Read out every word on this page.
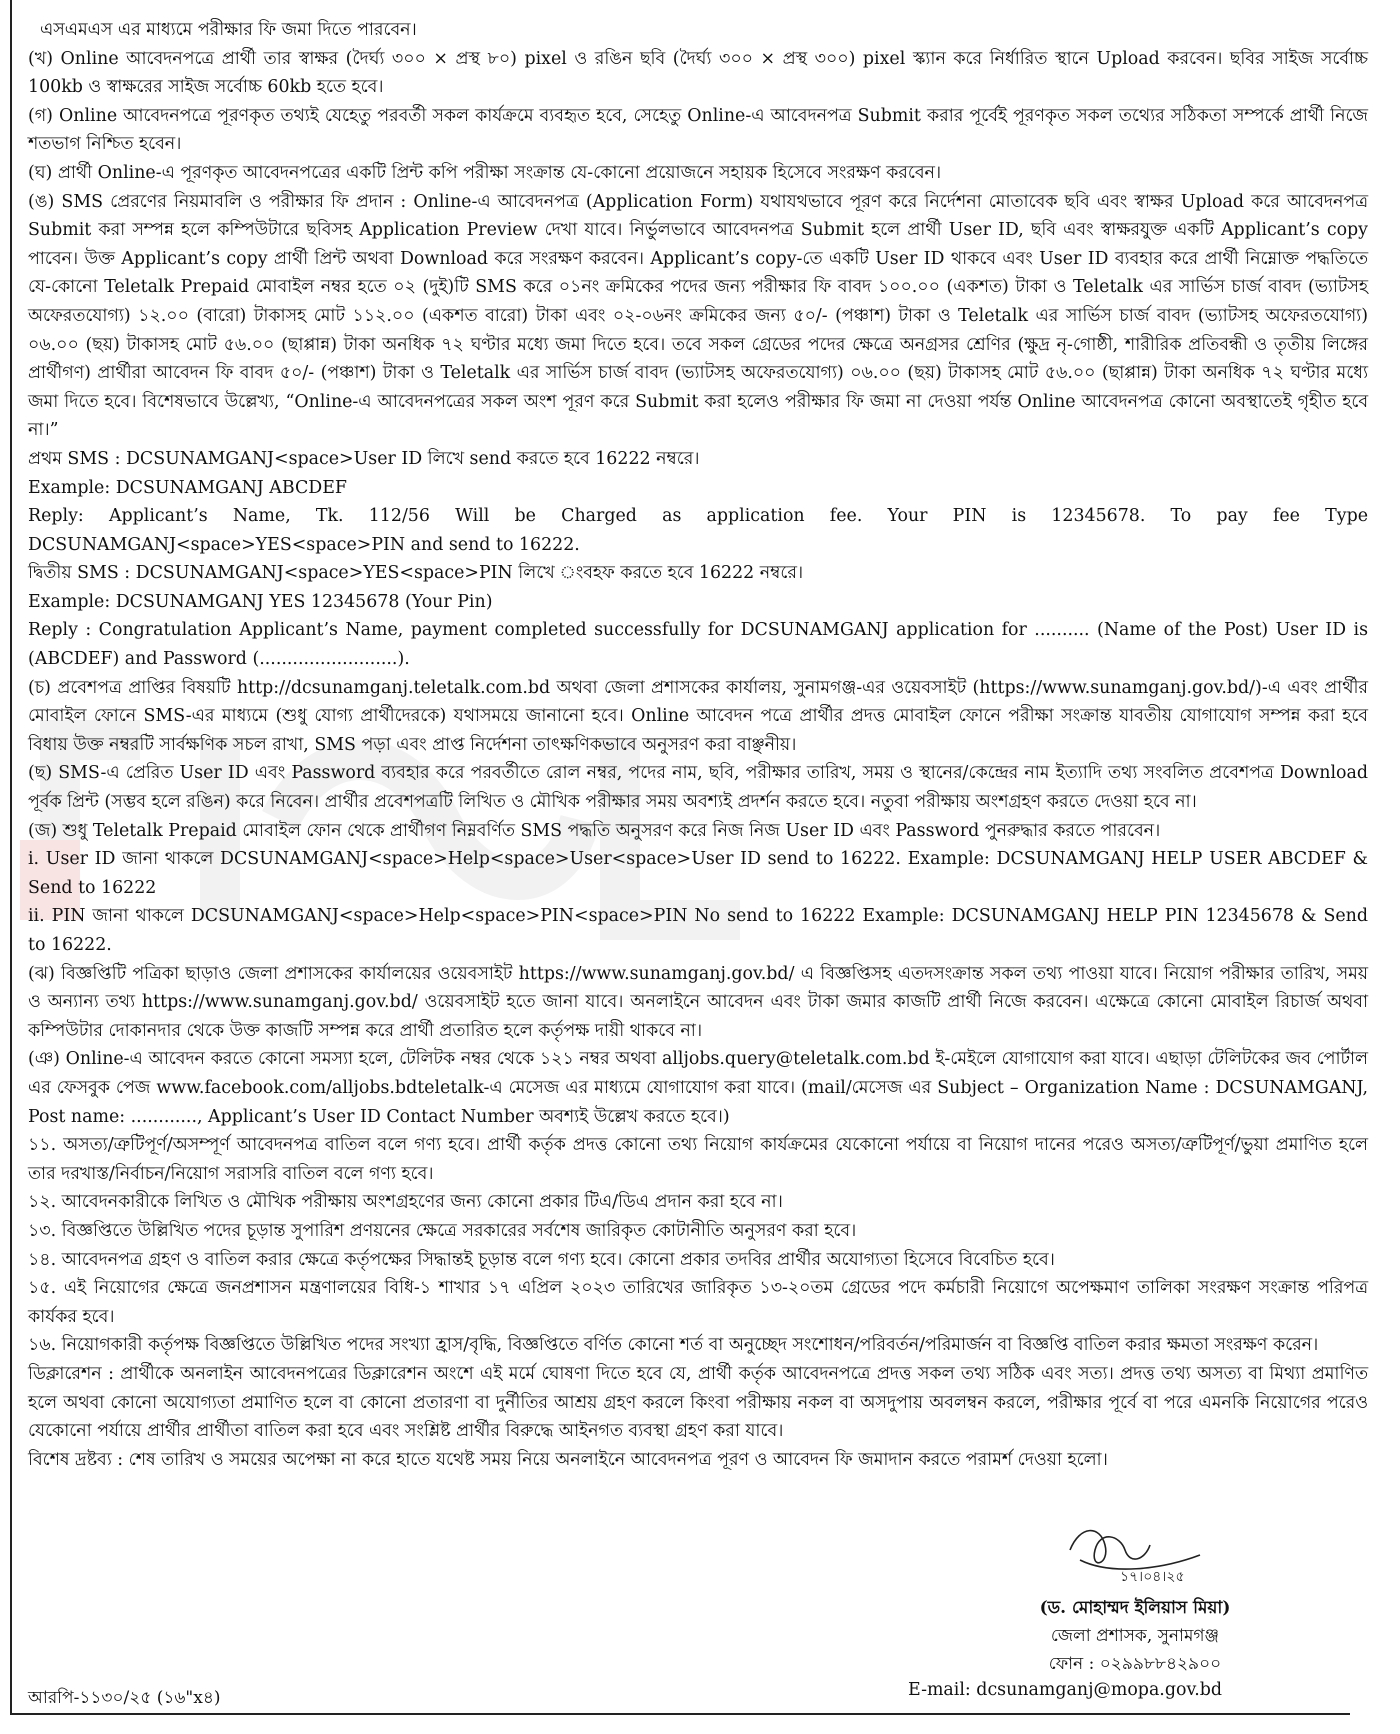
এসএমএস এর মাধ্যমে পরীক্ষার ফি জমা দিতে পারবেন।

(খ) Online আবেদনপত্রে প্রার্থী তার স্বাক্ষর (দৈর্ঘ্য ৩০০ × প্রস্থ ৮০) pixel ও রঙিন ছবি (দৈর্ঘ্য ৩০০ × প্রস্থ ৩০০) pixel স্ক্যান করে নির্ধারিত স্থানে Upload করবেন। ছবির সাইজ সর্বোচ্চ 100kb ও স্বাক্ষরের সাইজ সর্বোচ্চ 60kb হতে হবে।

(গ) Online আবেদনপত্রে পূরণকৃত তথ্যই যেহেতু পরবর্তী সকল কার্যক্রমে ব্যবহৃত হবে, সেহেতু Online-এ আবেদনপত্র Submit করার পূর্বেই পূরণকৃত সকল তথ্যের সঠিকতা সম্পর্কে প্রার্থী নিজে শতভাগ নিশ্চিত হবেন।

(ঘ) প্রার্থী Online-এ পূরণকৃত আবেদনপত্রের একটি প্রিন্ট কপি পরীক্ষা সংক্রান্ত যে-কোনো প্রয়োজনে সহায়ক হিসেবে সংরক্ষণ করবেন।

(ঙ) SMS প্রেরণের নিয়মাবলি ও পরীক্ষার ফি প্রদান : Online-এ আবেদনপত্র (Application Form) যথাযথভাবে পূরণ করে নির্দেশনা মোতাবেক ছবি এবং স্বাক্ষর Upload করে আবেদনপত্র Submit করা সম্পন্ন হলে কম্পিউটারে ছবিসহ Application Preview দেখা যাবে। নির্ভুলভাবে আবেদনপত্র Submit হলে প্রার্থী User ID, ছবি এবং স্বাক্ষরযুক্ত একটি Applicant’s copy পাবেন। উক্ত Applicant’s copy প্রার্থী প্রিন্ট অথবা Download করে সংরক্ষণ করবেন। Applicant’s copy-তে একটি User ID থাকবে এবং User ID ব্যবহার করে প্রার্থী নিম্নোক্ত পদ্ধতিতে যে-কোনো Teletalk Prepaid মোবাইল নম্বর হতে ০২ (দুই)টি SMS করে ০১নং ক্রমিকের পদের জন্য পরীক্ষার ফি বাবদ ১০০.০০ (একশত) টাকা ও Teletalk এর সার্ভিস চার্জ বাবদ (ভ্যাটসহ অফেরতযোগ্য) ১২.০০ (বারো) টাকাসহ মোট ১১২.০০ (একশত বারো) টাকা এবং ০২-০৬নং ক্রমিকের জন্য ৫০/- (পঞ্চাশ) টাকা ও Teletalk এর সার্ভিস চার্জ বাবদ (ভ্যাটসহ অফেরতযোগ্য) ০৬.০০ (ছয়) টাকাসহ মোট ৫৬.০০ (ছাপ্পান্ন) টাকা অনধিক ৭২ ঘণ্টার মধ্যে জমা দিতে হবে। তবে সকল গ্রেডের পদের ক্ষেত্রে অনগ্রসর শ্রেণির (ক্ষুদ্র নৃ-গোষ্ঠী, শারীরিক প্রতিবন্ধী ও তৃতীয় লিঙ্গের প্রার্থীগণ) প্রার্থীরা আবেদন ফি বাবদ ৫০/- (পঞ্চাশ) টাকা ও Teletalk এর সার্ভিস চার্জ বাবদ (ভ্যাটসহ অফেরতযোগ্য) ০৬.০০ (ছয়) টাকাসহ মোট ৫৬.০০ (ছাপ্পান্ন) টাকা অনধিক ৭২ ঘণ্টার মধ্যে জমা দিতে হবে। বিশেষভাবে উল্লেখ্য, “Online-এ আবেদনপত্রের সকল অংশ পূরণ করে Submit করা হলেও পরীক্ষার ফি জমা না দেওয়া পর্যন্ত Online আবেদনপত্র কোনো অবস্থাতেই গৃহীত হবে না।”

প্রথম SMS : DCSUNAMGANJ<space>User ID লিখে send করতে হবে 16222 নম্বরে।

Example: DCSUNAMGANJ ABCDEF

Reply: Applicant’s Name, Tk. 112/56 Will be Charged as application fee. Your PIN is 12345678. To pay fee Type DCSUNAMGANJ<space>YES<space>PIN and send to 16222.

দ্বিতীয় SMS : DCSUNAMGANJ<space>YES<space>PIN লিখে ংবহফ করতে হবে 16222 নম্বরে।

Example: DCSUNAMGANJ YES 12345678 (Your Pin)

Reply : Congratulation Applicant’s Name, payment completed successfully for DCSUNAMGANJ application for .......... (Name of the Post) User ID is (ABCDEF) and Password (.........................).

(চ) প্রবেশপত্র প্রাপ্তির বিষয়টি http://dcsunamganj.teletalk.com.bd অথবা জেলা প্রশাসকের কার্যালয়, সুনামগঞ্জ-এর ওয়েবসাইট (https://www.sunamganj.gov.bd/)-এ এবং প্রার্থীর মোবাইল ফোনে SMS-এর মাধ্যমে (শুধু যোগ্য প্রার্থীদেরকে) যথাসময়ে জানানো হবে। Online আবেদন পত্রে প্রার্থীর প্রদত্ত মোবাইল ফোনে পরীক্ষা সংক্রান্ত যাবতীয় যোগাযোগ সম্পন্ন করা হবে বিধায় উক্ত নম্বরটি সার্বক্ষণিক সচল রাখা, SMS পড়া এবং প্রাপ্ত নির্দেশনা তাৎক্ষণিকভাবে অনুসরণ করা বাঞ্ছনীয়।

(ছ) SMS-এ প্রেরিত User ID এবং Password ব্যবহার করে পরবর্তীতে রোল নম্বর, পদের নাম, ছবি, পরীক্ষার তারিখ, সময় ও স্থানের/কেন্দ্রের নাম ইত্যাদি তথ্য সংবলিত প্রবেশপত্র Download পূর্বক প্রিন্ট (সম্ভব হলে রঙিন) করে নিবেন। প্রার্থীর প্রবেশপত্রটি লিখিত ও মৌখিক পরীক্ষার সময় অবশ্যই প্রদর্শন করতে হবে। নতুবা পরীক্ষায় অংশগ্রহণ করতে দেওয়া হবে না।

(জ) শুধু Teletalk Prepaid মোবাইল ফোন থেকে প্রার্থীগণ নিম্নবর্ণিত SMS পদ্ধতি অনুসরণ করে নিজ নিজ User ID এবং Password পুনরুদ্ধার করতে পারবেন।

i. User ID জানা থাকলে DCSUNAMGANJ<space>Help<space>User<space>User ID send to 16222. Example: DCSUNAMGANJ HELP USER ABCDEF & Send to 16222

ii. PIN জানা থাকলে DCSUNAMGANJ<space>Help<space>PIN<space>PIN No send to 16222 Example: DCSUNAMGANJ HELP PIN 12345678 & Send to 16222.

(ঝ) বিজ্ঞপ্তিটি পত্রিকা ছাড়াও জেলা প্রশাসকের কার্যালয়ের ওয়েবসাইট https://www.sunamganj.gov.bd/ এ বিজ্ঞপ্তিসহ এতদসংক্রান্ত সকল তথ্য পাওয়া যাবে। নিয়োগ পরীক্ষার তারিখ, সময় ও অন্যান্য তথ্য https://www.sunamganj.gov.bd/ ওয়েবসাইট হতে জানা যাবে। অনলাইনে আবেদন এবং টাকা জমার কাজটি প্রার্থী নিজে করবেন। এক্ষেত্রে কোনো মোবাইল রিচার্জ অথবা কম্পিউটার দোকানদার থেকে উক্ত কাজটি সম্পন্ন করে প্রার্থী প্রতারিত হলে কর্তৃপক্ষ দায়ী থাকবে না।

(ঞ) Online-এ আবেদন করতে কোনো সমস্যা হলে, টেলিটক নম্বর থেকে ১২১ নম্বর অথবা alljobs.query@teletalk.com.bd ই-মেইলে যোগাযোগ করা যাবে। এছাড়া টেলিটকের জব পোর্টাল এর ফেসবুক পেজ www.facebook.com/alljobs.bdteletalk-এ মেসেজ এর মাধ্যমে যোগাযোগ করা যাবে। (mail/মেসেজ এর Subject – Organization Name : DCSUNAMGANJ, Post name: ............, Applicant’s User ID Contact Number অবশ্যই উল্লেখ করতে হবে।)

১১. অসত্য/ত্রুটিপূর্ণ/অসম্পূর্ণ আবেদনপত্র বাতিল বলে গণ্য হবে। প্রার্থী কর্তৃক প্রদত্ত কোনো তথ্য নিয়োগ কার্যক্রমের যেকোনো পর্যায়ে বা নিয়োগ দানের পরেও অসত্য/ত্রুটিপূর্ণ/ভুয়া প্রমাণিত হলে তার দরখাস্ত/নির্বাচন/নিয়োগ সরাসরি বাতিল বলে গণ্য হবে।

১২. আবেদনকারীকে লিখিত ও মৌখিক পরীক্ষায় অংশগ্রহণের জন্য কোনো প্রকার টিএ/ডিএ প্রদান করা হবে না।

১৩. বিজ্ঞপ্তিতে উল্লিখিত পদের চূড়ান্ত সুপারিশ প্রণয়নের ক্ষেত্রে সরকারের সর্বশেষ জারিকৃত কোটানীতি অনুসরণ করা হবে।

১৪. আবেদনপত্র গ্রহণ ও বাতিল করার ক্ষেত্রে কর্তৃপক্ষের সিদ্ধান্তই চূড়ান্ত বলে গণ্য হবে। কোনো প্রকার তদবির প্রার্থীর অযোগ্যতা হিসেবে বিবেচিত হবে।

১৫. এই নিয়োগের ক্ষেত্রে জনপ্রশাসন মন্ত্রণালয়ের বিধি-১ শাখার ১৭ এপ্রিল ২০২৩ তারিখের জারিকৃত ১৩-২০তম গ্রেডের পদে কর্মচারী নিয়োগে অপেক্ষমাণ তালিকা সংরক্ষণ সংক্রান্ত পরিপত্র কার্যকর হবে।

১৬. নিয়োগকারী কর্তৃপক্ষ বিজ্ঞপ্তিতে উল্লিখিত পদের সংখ্যা হ্রাস/বৃদ্ধি, বিজ্ঞপ্তিতে বর্ণিত কোনো শর্ত বা অনুচ্ছেদ সংশোধন/পরিবর্তন/পরিমার্জন বা বিজ্ঞপ্তি বাতিল করার ক্ষমতা সংরক্ষণ করেন।

ডিক্লারেশন : প্রার্থীকে অনলাইন আবেদনপত্রের ডিক্লারেশন অংশে এই মর্মে ঘোষণা দিতে হবে যে, প্রার্থী কর্তৃক আবেদনপত্রে প্রদত্ত সকল তথ্য সঠিক এবং সত্য। প্রদত্ত তথ্য অসত্য বা মিথ্যা প্রমাণিত হলে অথবা কোনো অযোগ্যতা প্রমাণিত হলে বা কোনো প্রতারণা বা দুর্নীতির আশ্রয় গ্রহণ করলে কিংবা পরীক্ষায় নকল বা অসদুপায় অবলম্বন করলে, পরীক্ষার পূর্বে বা পরে এমনকি নিয়োগের পরেও যেকোনো পর্যায়ে প্রার্থীর প্রার্থীতা বাতিল করা হবে এবং সংশ্লিষ্ট প্রার্থীর বিরুদ্ধে আইনগত ব্যবস্থা গ্রহণ করা যাবে।

বিশেষ দ্রষ্টব্য : শেষ তারিখ ও সময়ের অপেক্ষা না করে হাতে যথেষ্ট সময় নিয়ে অনলাইনে আবেদনপত্র পূরণ ও আবেদন ফি জমাদান করতে পরামর্শ দেওয়া হলো।

১৭।০৪।২৫
(ড. মোহাম্মদ ইলিয়াস মিয়া)
জেলা প্রশাসক, সুনামগঞ্জ
ফোন : ০২৯৯৮৮৪২৯০০
E-mail: dcsunamganj@mopa.gov.bd
আরপি-১১৩০/২৫ (১৬"x৪)
